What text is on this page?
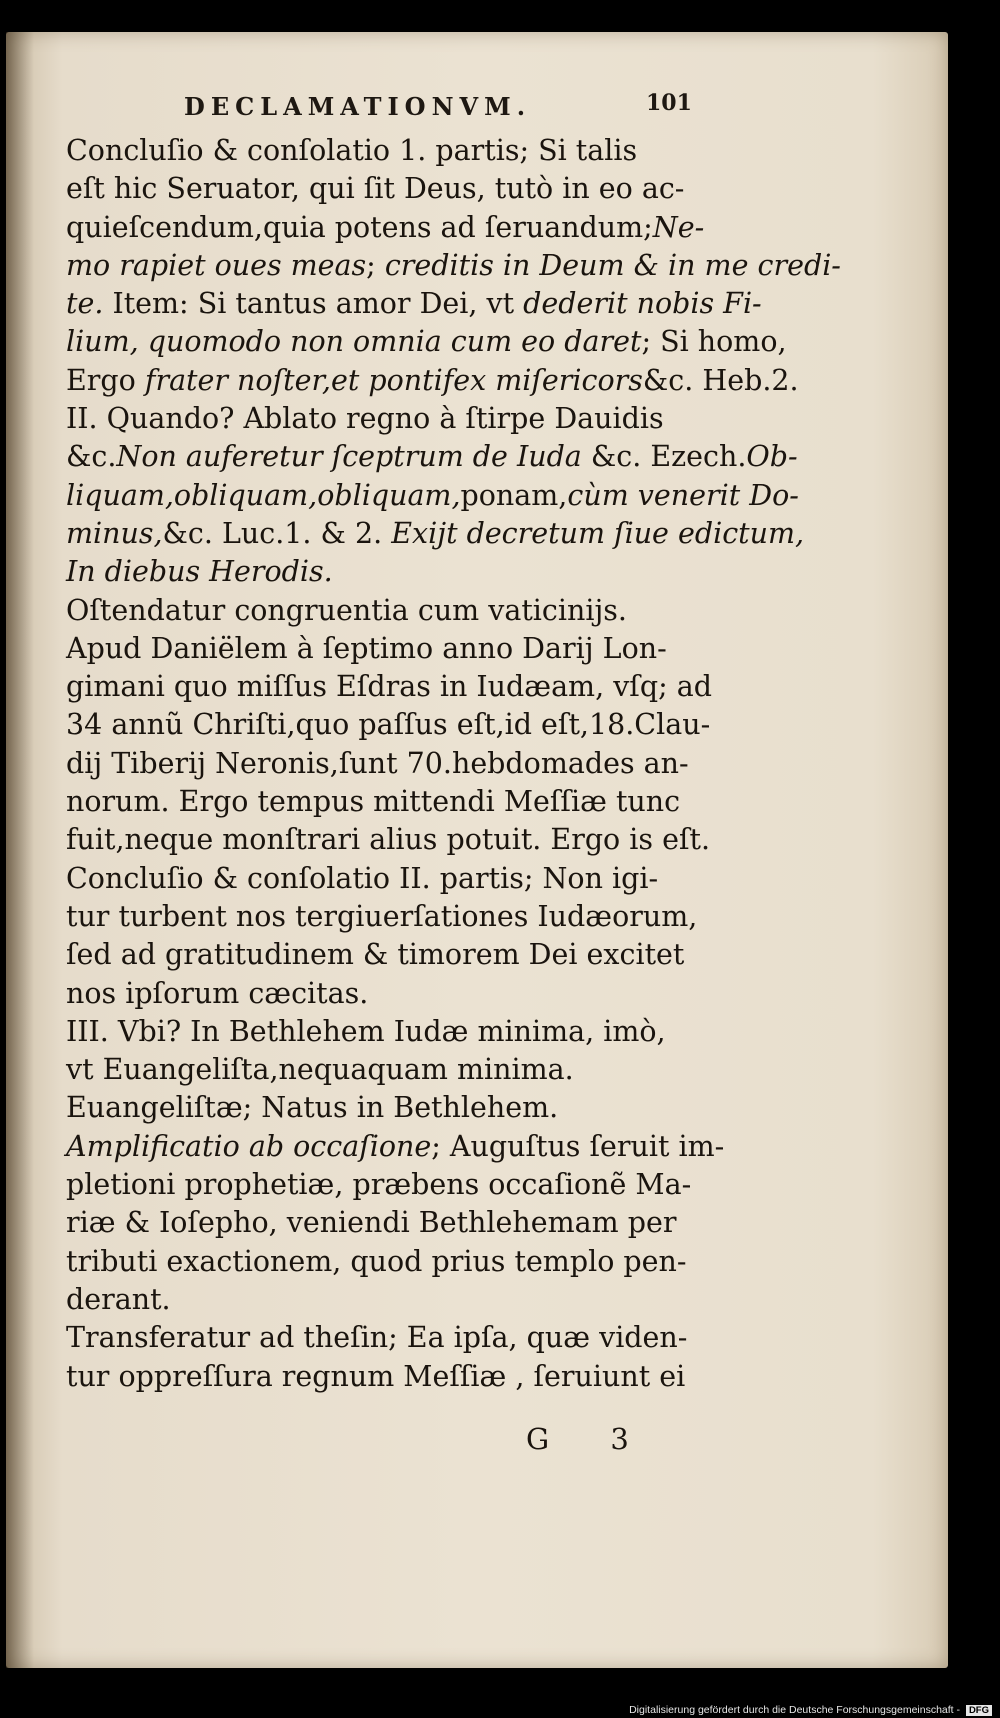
DECLAMATIONVM.	101
Concluſio & conſolatio 1. partis; Si talis
eſt hic Seruator, qui ſit Deus, tutò in eo ac-
quieſcendum,quia potens ad ſeruandum;Ne-
mo rapiet oues meas; creditis in Deum & in me credi-
te. Item: Si tantus amor Dei, vt dederit nobis Fi-
lium, quomodo non omnia cum eo daret; Si homo,
Ergo frater noſter,et pontifex miſericors&c. Heb.2.
II. Quando? Ablato regno à ſtirpe Dauidis
&c.Non auferetur ſceptrum de Iuda &c. Ezech.Ob-
liquam,obliquam,obliquam,ponam,cùm venerit Do-
minus,&c. Luc.1. & 2. Exijt decretum ſiue edictum,
In diebus Herodis.
Oſtendatur congruentia cum vaticinijs.
Apud Daniëlem à ſeptimo anno Darij Lon-
gimani quo miſſus Eſdras in Iudæam, vſq; ad
34 annũ Chriſti,quo paſſus eſt,id eſt,18.Clau-
dij Tiberij Neronis,ſunt 70.hebdomades an-
norum. Ergo tempus mittendi Meſſiæ tunc
fuit,neque monſtrari alius potuit. Ergo is eſt.
Concluſio & conſolatio II. partis; Non igi-
tur turbent nos tergiuerſationes Iudæorum,
ſed ad gratitudinem & timorem Dei excitet
nos ipſorum cæcitas.
III. Vbi? In Bethlehem Iudæ minima, imò,
vt Euangeliſta,nequaquam minima.
Euangeliſtæ; Natus in Bethlehem.
Amplificatio ab occaſione; Auguſtus ſeruit im-
pletioni prophetiæ, præbens occaſionẽ Ma-
riæ & Ioſepho, veniendi Bethlehemam per
tributi exactionem, quod prius templo pen-
derant.
Transferatur ad theſin; Ea ipſa, quæ viden-
tur oppreſſura regnum Meſſiæ , ſeruiunt ei
G 3
Digitalisierung gefördert durch die Deutsche Forschungsgemeinschaft - DFG
